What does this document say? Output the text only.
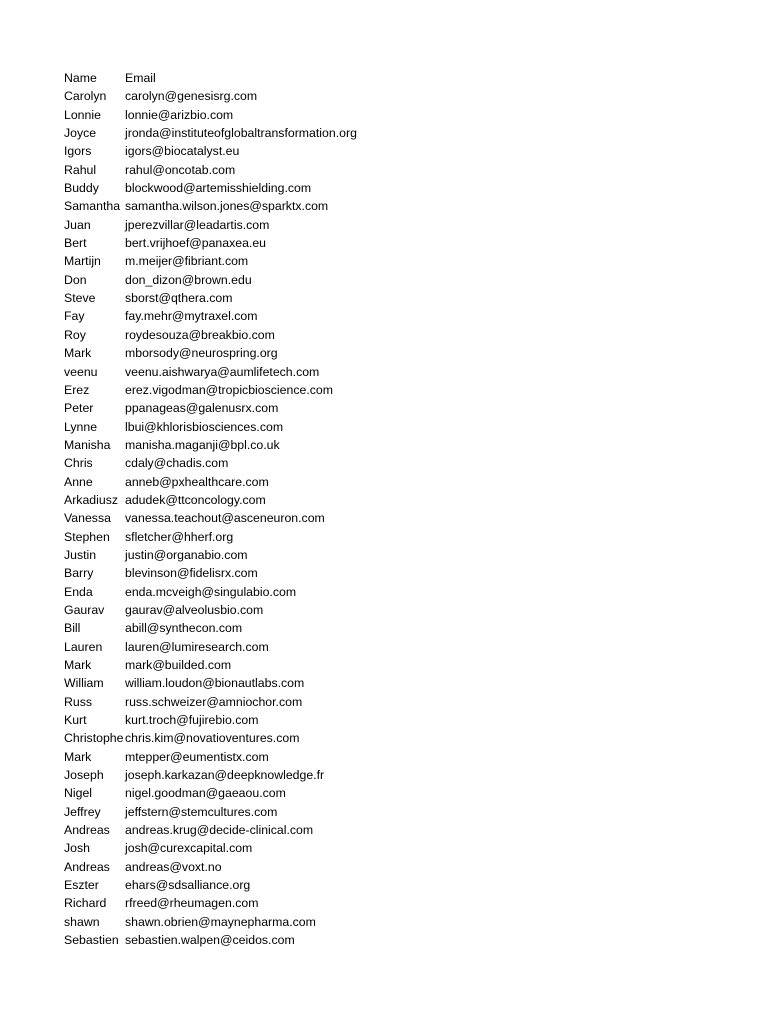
Name	Email
Carolyn	carolyn@genesisrg.com
Lonnie	lonnie@arizbio.com
Joyce	jronda@instituteofglobaltransformation.org
Igors	igors@biocatalyst.eu
Rahul	rahul@oncotab.com
Buddy	blockwood@artemisshielding.com
Samantha samantha.wilson.jones@sparktx.com
Juan	jperezvillar@leadartis.com
Bert	bert.vrijhoef@panaxea.eu
Martijn	m.meijer@fibriant.com
Don	don_dizon@brown.edu
Steve	sborst@qthera.com
Fay	fay.mehr@mytraxel.com
Roy	roydesouza@breakbio.com
Mark	mborsody@neurospring.org
veenu	veenu.aishwarya@aumlifetech.com
Erez	erez.vigodman@tropicbioscience.com
Peter	ppanageas@galenusrx.com
Lynne	lbui@khlorisbiosciences.com
Manisha	manisha.maganji@bpl.co.uk
Chris	cdaly@chadis.com
Anne	anneb@pxhealthcare.com
Arkadiusz adudek@ttconcology.com
Vanessa	vanessa.teachout@asceneuron.com
Stephen	sfletcher@hherf.org
Justin	justin@organabio.com
Barry	blevinson@fidelisrx.com
Enda	enda.mcveigh@singulabio.com
Gaurav	gaurav@alveolusbio.com
Bill	abill@synthecon.com
Lauren	lauren@lumiresearch.com
Mark	mark@builded.com
William	william.loudon@bionautlabs.com
Russ	russ.schweizer@amniochor.com
Kurt	kurt.troch@fujirebio.com
Christophe chris.kim@novatioventures.com
Mark	mtepper@eumentistx.com
Joseph	joseph.karkazan@deepknowledge.fr
Nigel	nigel.goodman@gaeaou.com
Jeffrey	jeffstern@stemcultures.com
Andreas	andreas.krug@decide-clinical.com
Josh	josh@curexcapital.com
Andreas	andreas@voxt.no
Eszter	ehars@sdsalliance.org
Richard	rfreed@rheumagen.com
shawn	shawn.obrien@maynepharma.com
Sebastien sebastien.walpen@ceidos.com
